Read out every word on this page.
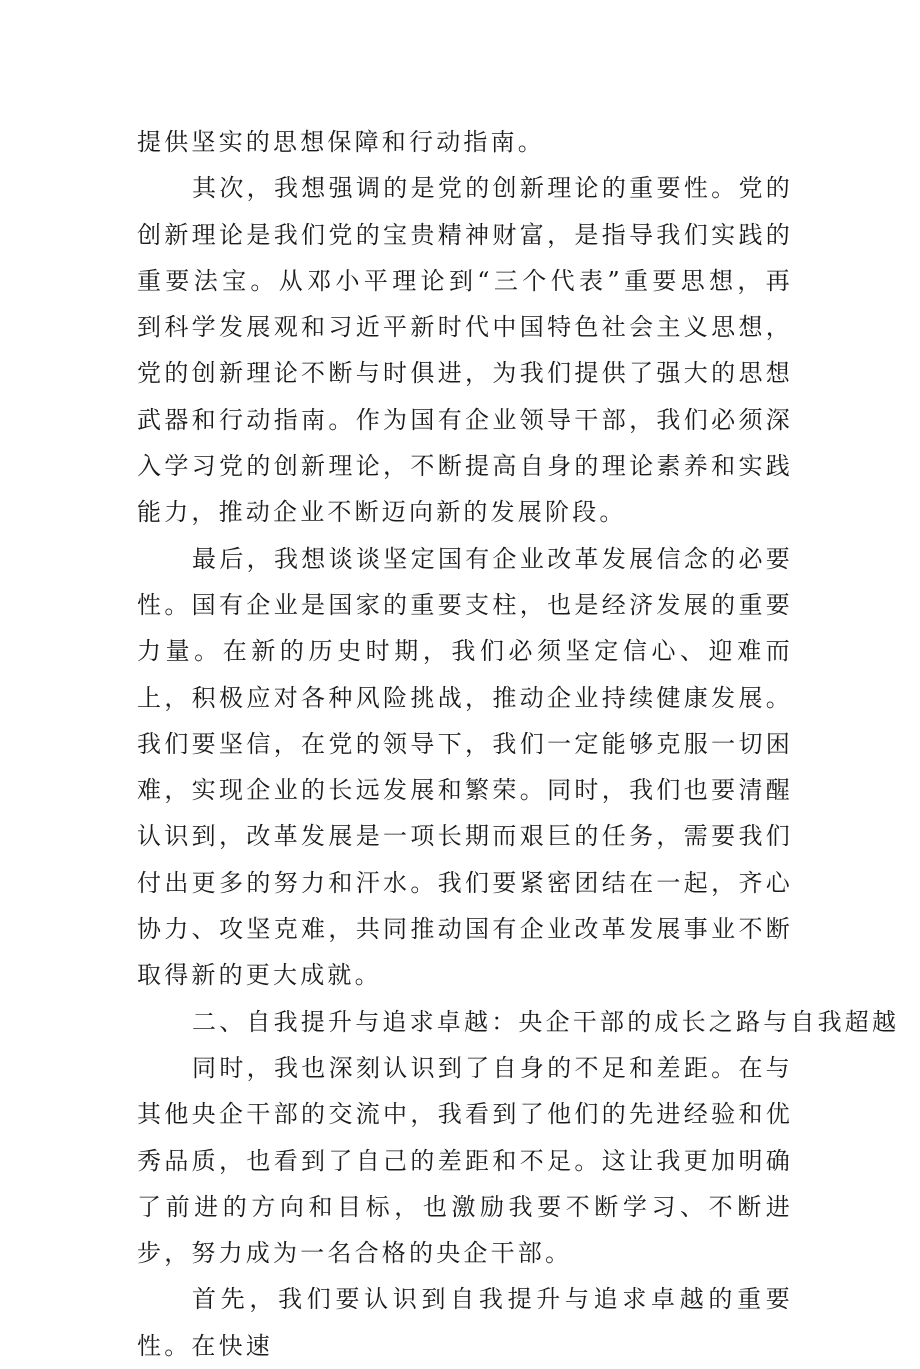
提供坚实的思想保障和行动指南。

其次，我想强调的是党的创新理论的重要性。党的创新理论是我们党的宝贵精神财富，是指导我们实践的重要法宝。从邓小平理论到“三个代表”重要思想，再到科学发展观和习近平新时代中国特色社会主义思想，党的创新理论不断与时俱进，为我们提供了强大的思想武器和行动指南。作为国有企业领导干部，我们必须深入学习党的创新理论，不断提高自身的理论素养和实践能力，推动企业不断迈向新的发展阶段。

最后，我想谈谈坚定国有企业改革发展信念的必要性。国有企业是国家的重要支柱，也是经济发展的重要力量。在新的历史时期，我们必须坚定信心、迎难而上，积极应对各种风险挑战，推动企业持续健康发展。我们要坚信，在党的领导下，我们一定能够克服一切困难，实现企业的长远发展和繁荣。同时，我们也要清醒认识到，改革发展是一项长期而艰巨的任务，需要我们付出更多的努力和汗水。我们要紧密团结在一起，齐心协力、攻坚克难，共同推动国有企业改革发展事业不断取得新的更大成就。

二、自我提升与追求卓越：央企干部的成长之路与自我超越

同时，我也深刻认识到了自身的不足和差距。在与其他央企干部的交流中，我看到了他们的先进经验和优秀品质，也看到了自己的差距和不足。这让我更加明确了前进的方向和目标，也激励我要不断学习、不断进步，努力成为一名合格的央企干部。

首先，我们要认识到自我提升与追求卓越的重要性。在快速
